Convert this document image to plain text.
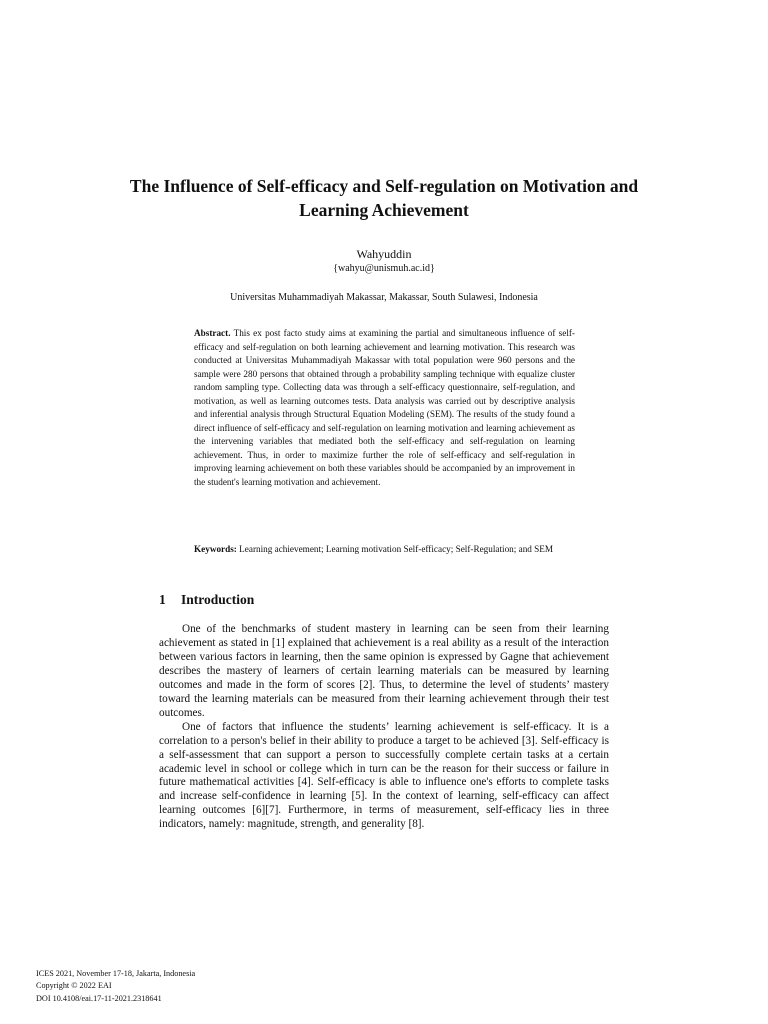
The Influence of Self-efficacy and Self-regulation on Motivation and Learning Achievement
Wahyuddin
{wahyu@unismuh.ac.id}
Universitas Muhammadiyah Makassar, Makassar, South Sulawesi, Indonesia

Abstract. This ex post facto study aims at examining the partial and simultaneous influence of self-efficacy and self-regulation on both learning achievement and learning motivation. This research was conducted at Universitas Muhammadiyah Makassar with total population were 960 persons and the sample were 280 persons that obtained through a probability sampling technique with equalize cluster random sampling type. Collecting data was through a self-efficacy questionnaire, self-regulation, and motivation, as well as learning outcomes tests. Data analysis was carried out by descriptive analysis and inferential analysis through Structural Equation Modeling (SEM). The results of the study found a direct influence of self-efficacy and self-regulation on learning motivation and learning achievement as the intervening variables that mediated both the self-efficacy and self-regulation on learning achievement. Thus, in order to maximize further the role of self-efficacy and self-regulation in improving learning achievement on both these variables should be accompanied by an improvement in the student's learning motivation and achievement.

Keywords: Learning achievement; Learning motivation Self-efficacy; Self-Regulation; and SEM

1 Introduction

One of the benchmarks of student mastery in learning can be seen from their learning achievement as stated in [1] explained that achievement is a real ability as a result of the interaction between various factors in learning, then the same opinion is expressed by Gagne that achievement describes the mastery of learners of certain learning materials can be measured by learning outcomes and made in the form of scores [2]. Thus, to determine the level of students’ mastery toward the learning materials can be measured from their learning achievement through their test outcomes.

One of factors that influence the students’ learning achievement is self-efficacy. It is a correlation to a person's belief in their ability to produce a target to be achieved [3]. Self-efficacy is a self-assessment that can support a person to successfully complete certain tasks at a certain academic level in school or college which in turn can be the reason for their success or failure in future mathematical activities [4]. Self-efficacy is able to influence one's efforts to complete tasks and increase self-confidence in learning [5]. In the context of learning, self-efficacy can affect learning outcomes [6][7]. Furthermore, in terms of measurement, self-efficacy lies in three indicators, namely: magnitude, strength, and generality [8].

ICES 2021, November 17-18, Jakarta, Indonesia
Copyright © 2022 EAI
DOI 10.4108/eai.17-11-2021.2318641
